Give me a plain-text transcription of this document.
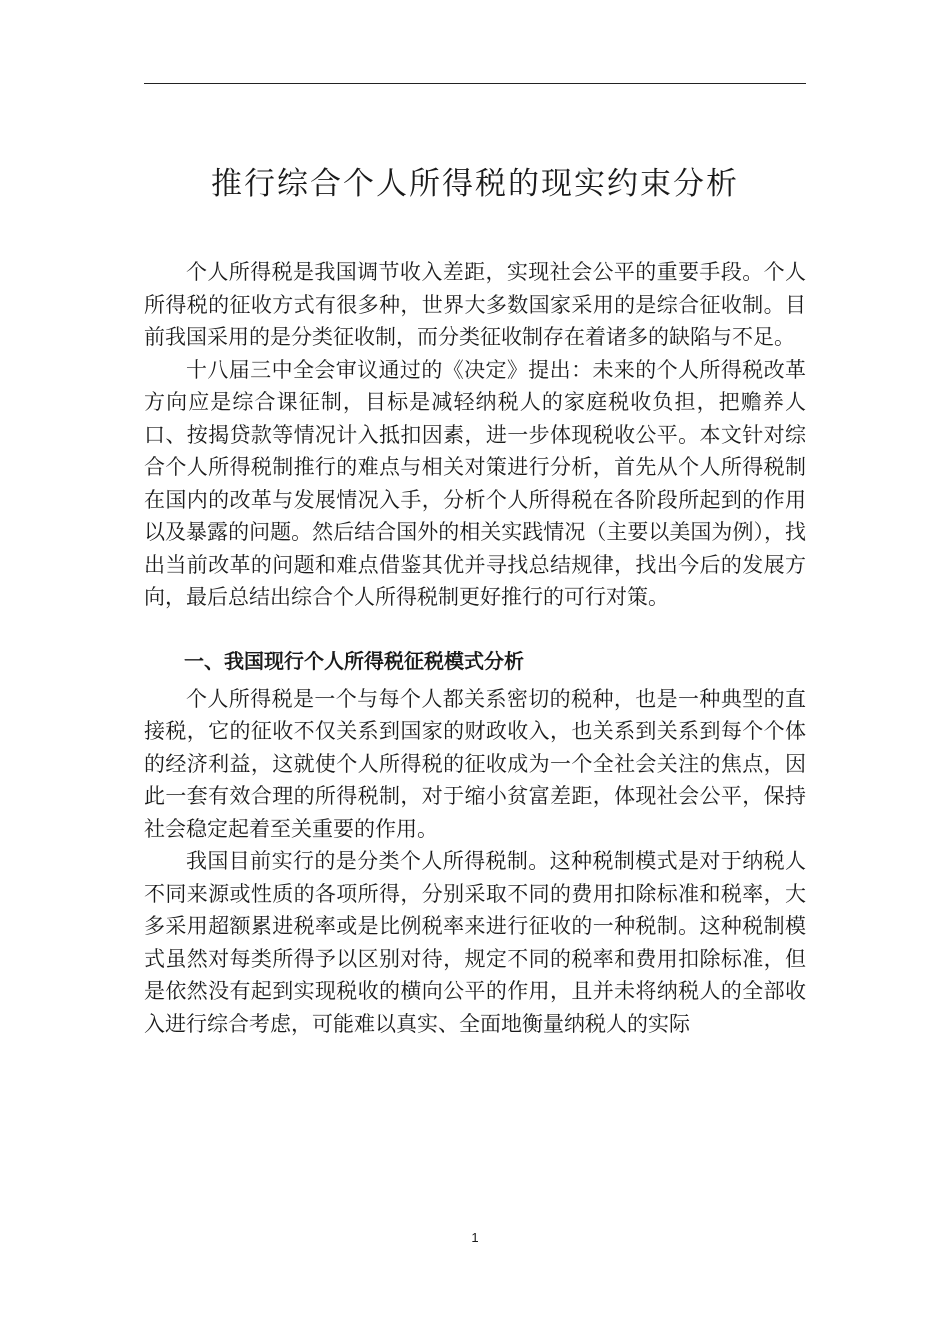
推行综合个人所得税的现实约束分析

个人所得税是我国调节收入差距，实现社会公平的重要手段。个人所得税的征收方式有很多种，世界大多数国家采用的是综合征收制。目前我国采用的是分类征收制，而分类征收制存在着诸多的缺陷与不足。

十八届三中全会审议通过的《决定》提出：未来的个人所得税改革方向应是综合课征制，目标是减轻纳税人的家庭税收负担，把赡养人口、按揭贷款等情况计入抵扣因素，进一步体现税收公平。本文针对综合个人所得税制推行的难点与相关对策进行分析，首先从个人所得税制在国内的改革与发展情况入手，分析个人所得税在各阶段所起到的作用以及暴露的问题。然后结合国外的相关实践情况（主要以美国为例），找出当前改革的问题和难点借鉴其优并寻找总结规律，找出今后的发展方向，最后总结出综合个人所得税制更好推行的可行对策。

一、我国现行个人所得税征税模式分析

个人所得税是一个与每个人都关系密切的税种，也是一种典型的直接税，它的征收不仅关系到国家的财政收入，也关系到关系到每个个体的经济利益，这就使个人所得税的征收成为一个全社会关注的焦点，因此一套有效合理的所得税制，对于缩小贫富差距，体现社会公平，保持社会稳定起着至关重要的作用。

我国目前实行的是分类个人所得税制。这种税制模式是对于纳税人不同来源或性质的各项所得，分别采取不同的费用扣除标准和税率，大多采用超额累进税率或是比例税率来进行征收的一种税制。这种税制模式虽然对每类所得予以区别对待，规定不同的税率和费用扣除标准，但是依然没有起到实现税收的横向公平的作用，且并未将纳税人的全部收入进行综合考虑，可能难以真实、全面地衡量纳税人的实际

1
